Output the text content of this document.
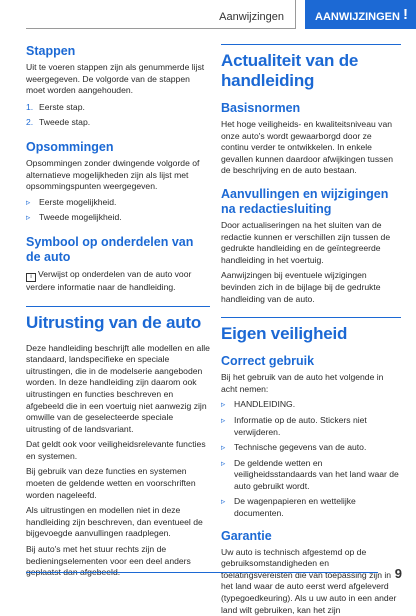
Aanwijzingen	AANWIJZINGEN !
Stappen
Uit te voeren stappen zijn als genummerde lijst weergegeven. De volgorde van de stappen moet worden aangehouden.
1. Eerste stap.
2. Tweede stap.
Opsommingen
Opsommingen zonder dwingende volgorde of alternatieve mogelijkheden zijn als lijst met opsommingspunten weergegeven.
▹	Eerste mogelijkheid.
▹	Tweede mogelijkheid.
Symbool op onderdelen van de auto
i Verwijst op onderdelen van de auto voor verdere informatie naar de handleiding.
Uitrusting van de auto
Deze handleiding beschrijft alle modellen en alle standaard, landspecifieke en speciale uitrustingen, die in de modelserie aangeboden worden. In deze handleiding zijn daarom ook uitrustingen en functies beschreven en afgebeeld die in een voertuig niet aanwezig zijn omwille van de geselecteerde speciale uitrusting of de landsvariant.
Dat geldt ook voor veiligheidsrelevante functies en systemen.
Bij gebruik van deze functies en systemen moeten de geldende wetten en voorschriften worden nageleefd.
Als uitrustingen en modellen niet in deze handleiding zijn beschreven, dan eventueel de bijgevoegde aanvullingen raadplegen.
Bij auto's met het stuur rechts zijn de bedieningselementen voor een deel anders geplaatst dan afgebeeld.
Actualiteit van de handleiding
Basisnormen
Het hoge veiligheids- en kwaliteitsniveau van onze auto's wordt gewaarborgd door ze continu verder te ontwikkelen. In enkele gevallen kunnen daardoor afwijkingen tussen de beschrijving en de auto bestaan.
Aanvullingen en wijzigingen na redactiesluiting
Door actualiseringen na het sluiten van de redactie kunnen er verschillen zijn tussen de gedrukte handleiding en de geïntegreerde handleiding in het voertuig.
Aanwijzingen bij eventuele wijzigingen bevinden zich in de bijlage bij de gedrukte handleiding van de auto.
Eigen veiligheid
Correct gebruik
Bij het gebruik van de auto het volgende in acht nemen:
▹	HANDLEIDING.
▹	Informatie op de auto. Stickers niet verwijderen.
▹	Technische gegevens van de auto.
▹	De geldende wetten en veiligheidsstandaards van het land waar de auto gebruikt wordt.
▹	De wagenpapieren en wettelijke documenten.
Garantie
Uw auto is technisch afgestemd op de gebruiksomstandigheden en toelatingsvereisten die van toepassing zijn in het land waar de auto eerst werd afgeleverd (typegoedkeuring). Als u uw auto in een ander land wilt gebruiken, kan het zijn
9
